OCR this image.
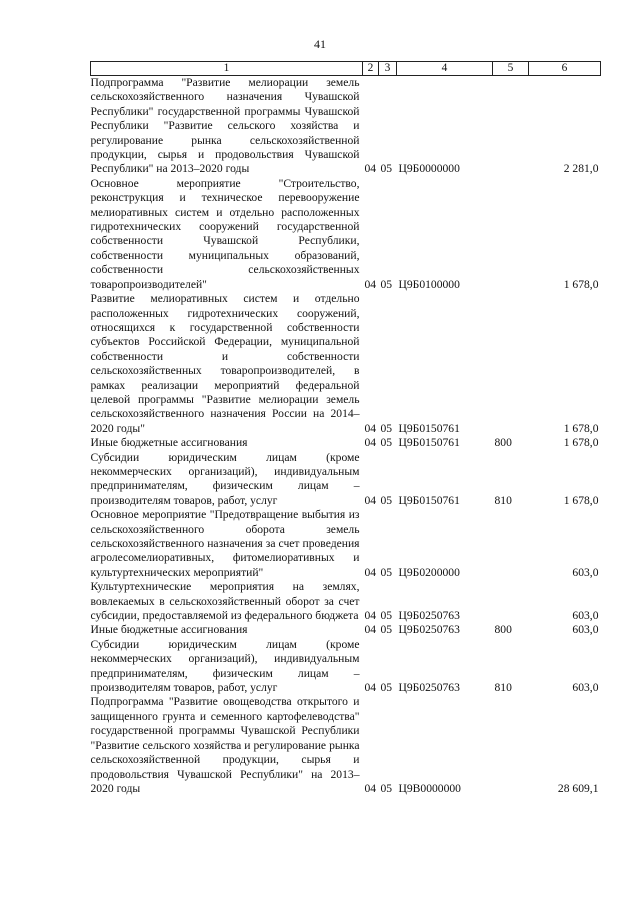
41
1	2	3	4	5	6
Подпрограмма "Развитие мелиорации земель сельскохозяйственного назначения Чувашской Республики" государственной программы Чувашской Республики "Развитие сельского хозяйства и регулирование рынка сельскохозяйственной продукции, сырья и продовольствия Чувашской Республики" на 2013–2020 годы	04	05	Ц9Б0000000		2 281,0
Основное мероприятие "Строительство, реконструкция и техническое перевооружение мелиоративных систем и отдельно расположенных гидротехнических сооружений государственной собственности Чувашской Республики, собственности муниципальных образований, собственности сельскохозяйственных товаропроизводителей"	04	05	Ц9Б0100000		1 678,0
Развитие мелиоративных систем и отдельно расположенных гидротехнических сооружений, относящихся к государственной собственности субъектов Российской Федерации, муниципальной собственности и собственности сельскохозяйственных товаропроизводителей, в рамках реализации мероприятий федеральной целевой программы "Развитие мелиорации земель сельскохозяйственного назначения России на 2014–2020 годы"	04	05	Ц9Б0150761		1 678,0
Иные бюджетные ассигнования	04	05	Ц9Б0150761	800	1 678,0
Субсидии юридическим лицам (кроме некоммерческих организаций), индивидуальным предпринимателям, физическим лицам – производителям товаров, работ, услуг	04	05	Ц9Б0150761	810	1 678,0
Основное мероприятие "Предотвращение выбытия из сельскохозяйственного оборота земель сельскохозяйственного назначения за счет проведения агролесомелиоративных, фитомелиоративных и культуртехнических мероприятий"	04	05	Ц9Б0200000		603,0
Культуртехнические мероприятия на землях, вовлекаемых в сельскохозяйственный оборот за счет субсидии, предоставляемой из федерального бюджета	04	05	Ц9Б0250763		603,0
Иные бюджетные ассигнования	04	05	Ц9Б0250763	800	603,0
Субсидии юридическим лицам (кроме некоммерческих организаций), индивидуальным предпринимателям, физическим лицам – производителям товаров, работ, услуг	04	05	Ц9Б0250763	810	603,0
Подпрограмма "Развитие овощеводства открытого и защищенного грунта и семенного картофелеводства" государственной программы Чувашской Республики "Развитие сельского хозяйства и регулирование рынка сельскохозяйственной продукции, сырья и продовольствия Чувашской Республики" на 2013–2020 годы	04	05	Ц9В0000000		28 609,1
